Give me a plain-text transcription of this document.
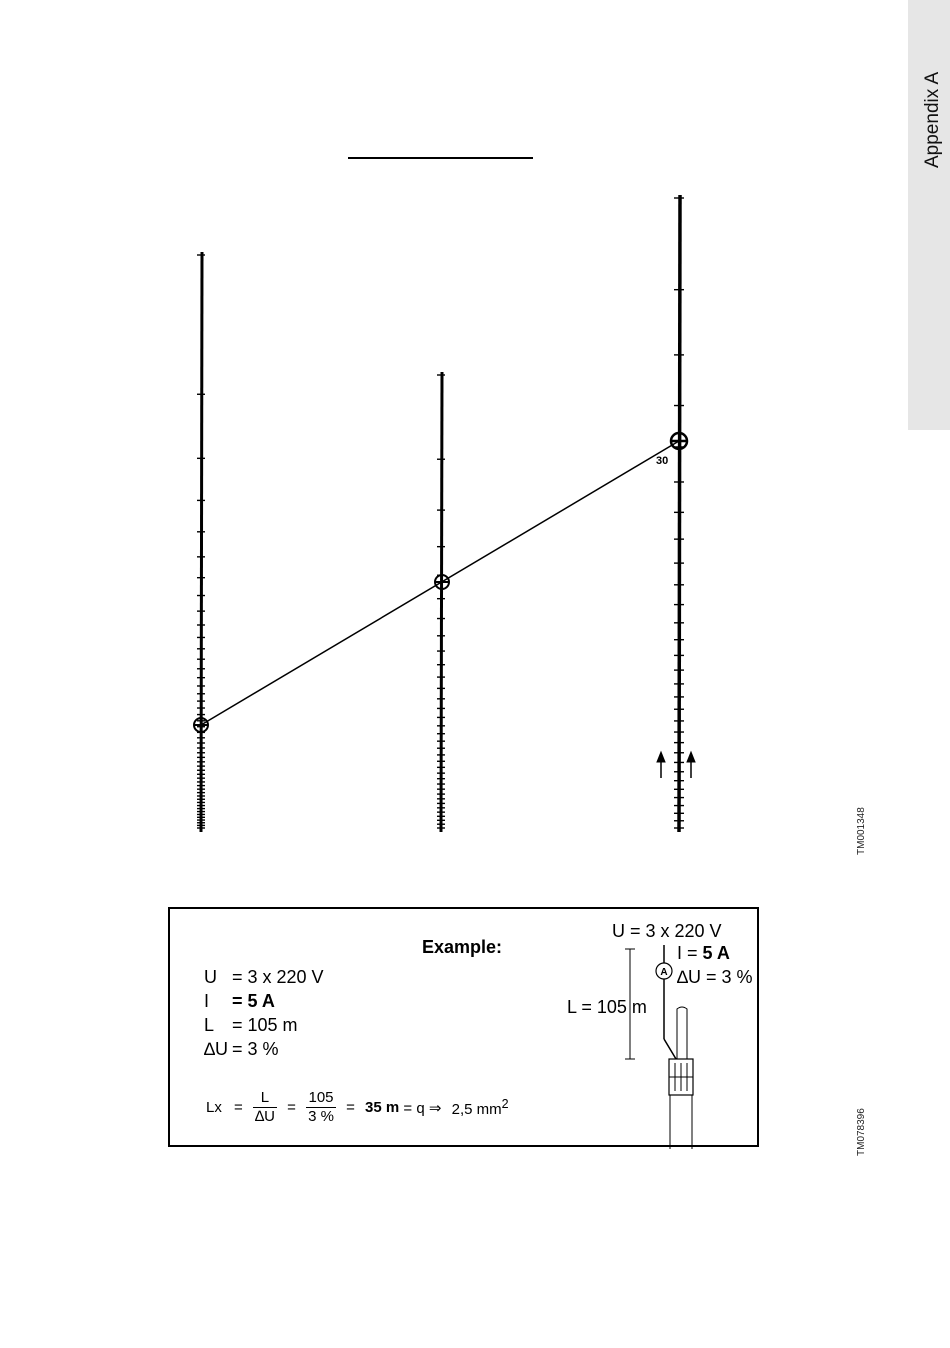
Appendix A
30
TM001348
TM078396
Example:
U = 3 x 220 V
I = 5 A
L = 105 m
∆U = 3 %
$Lx = \frac{L}{\Delta U} = \frac{105}{3 \%} = 35$ m = q ⇒ 2,5 $mm^2$
A
U = 3 x 220 V
I = 5 A
∆U = 3 %
L = 105 m
